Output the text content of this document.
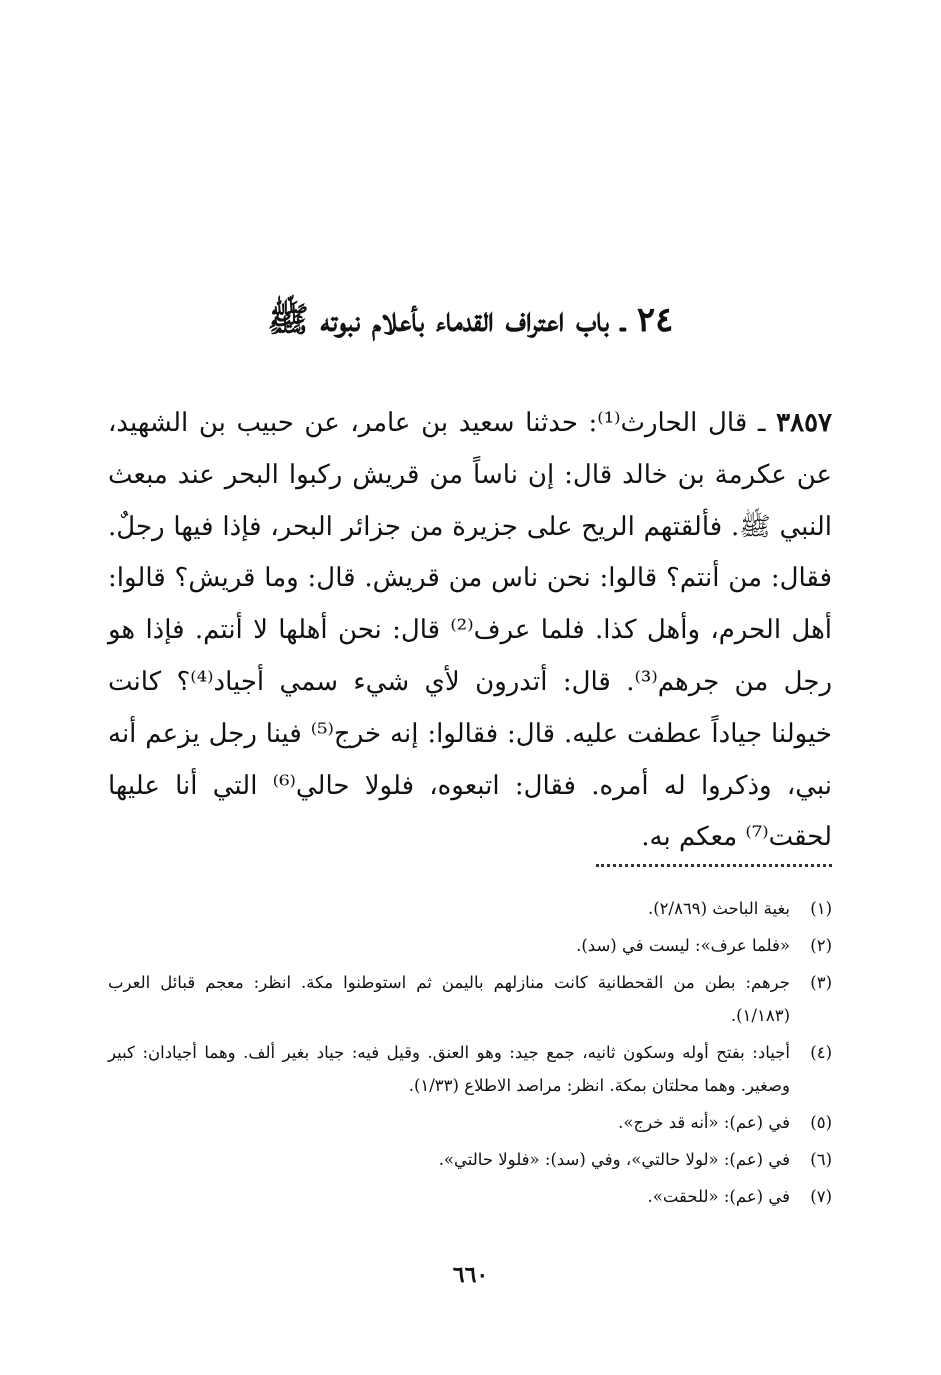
٢٤ ـ باب اعتراف القدماء بأعلام نبوته ﷺ
٣٨٥٧ ـ قال الحارث⁽¹⁾: حدثنا سعيد بن عامر، عن حبيب بن الشهيد، عن عكرمة بن خالد قال: إن ناساً من قريش ركبوا البحر عند مبعث النبي ﷺ. فألقتهم الريح على جزيرة من جزائر البحر، فإذا فيها رجلٌ. فقال: من أنتم؟ قالوا: نحن ناس من قريش. قال: وما قريش؟ قالوا: أهل الحرم، وأهل كذا. فلما عرف⁽²⁾ قال: نحن أهلها لا أنتم. فإذا هو رجل من جرهم⁽³⁾. قال: أتدرون لأي شيء سمي أجياد⁽⁴⁾؟ كانت خيولنا جياداً عطفت عليه. قال: فقالوا: إنه خرج⁽⁵⁾ فينا رجل يزعم أنه نبي، وذكروا له أمره. فقال: اتبعوه، فلولا حالي⁽⁶⁾ التي أنا عليها لحقت⁽⁷⁾ معكم به.
(١)
بغية الباحث (٢/٨٦٩).
(٢)
«فلما عرف»: ليست في (سد).
(٣)
جرهم: بطن من القحطانية كانت منازلهم باليمن ثم استوطنوا مكة. انظر: معجم قبائل العرب (١/١٨٣).
(٤)
أجياد: بفتح أوله وسكون ثانيه، جمع جيد: وهو العنق. وقيل فيه: جياد بغير ألف. وهما أجيادان: كبير وصغير. وهما محلتان بمكة. انظر: مراصد الاطلاع (١/٣٣).
(٥)
في (عم): «أنه قد خرج».
(٦)
في (عم): «لولا حالتي»، وفي (سد): «فلولا حالتي».
(٧)
في (عم): «للحقت».
٦٦٠
